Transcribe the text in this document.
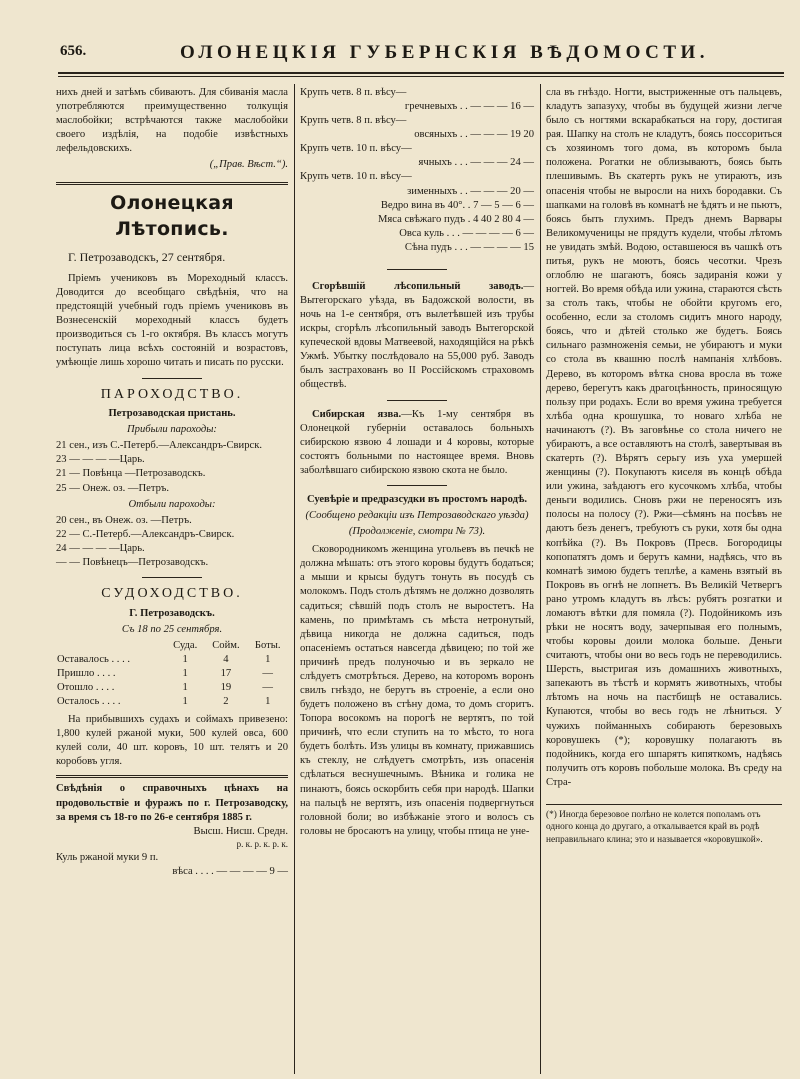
656.	ОЛОНЕЦКІЯ ГУБЕРНСКІЯ ВѢДОМОСТИ.

нихъ дней и затѣмъ сбиваютъ. Для сбиванія масла употребляются преимущественно толкущія маслобойки; встрѣчаются также маслобойки своего издѣлія, на подобіе извѣстныхъ лефельдовскихъ.

(„Прав. Вѣст.“).
Олонецкая Лѣтопись.
Г. Петрозаводскъ, 27 сентября.

Пріемъ учениковъ въ Мореходный классъ. Доводится до всеобщаго свѣдѣнія, что на предстоящій учебный годъ пріемъ учениковъ въ Вознесенскій мореходный классъ будетъ производиться съ 1-го октября. Въ классъ могутъ поступать лица всѣхъ состояній и возрастовъ, умѣющіе лишь хорошо читать и писать по русски.

ПАРОХОДСТВО.
Петрозаводская пристань.
Прибыли пароходы:
21 сен., изъ С.-Петерб.—Александръ-Свирск.
23 — — — —Царь.
21 — Повѣнца —Петрозаводскъ.
25 — Онеж. оз. —Петръ.
Отбыли пароходы:
20 сен., въ Онеж. оз. —Петръ.
22 — С.-Петерб.—Александръ-Свирск.
24 — — — —Царь.
— — Повѣнецъ—Петрозаводскъ.
СУДОХОДСТВО.
Г. Петрозаводскъ.
Съ 18 по 25 сентября.
	Суда.	Сойм.	Боты.
Оставалось . . . .	1	4	1
Пришло . . . .	1	17	—
Отошло . . . .	1	19	—
Осталось . . . .	1	2	1

На прибывшихъ судахъ и соймахъ привезено: 1,800 кулей ржаной муки, 500 кулей овса, 600 кулей соли, 40 шт. коровъ, 10 шт. телятъ и 20 коробовъ угля.

Свѣдѣнія о справочныхъ цѣнахъ на продовольствіе и фуражъ по г. Петрозаводску, за время съ 18-го по 26-е сентября 1885 г.

Высш. Нисш. Средн.
р. к. р. к. р. к.
Куль ржаной муки 9 п.
вѣса . . . . — — — — 9 —
Крупъ четв. 8 п. вѣсу—
гречневыхъ . . — — — 16 —
Крупъ четв. 8 п. вѣсу—
овсяныхъ . . — — — 19 20
Крупъ четв. 10 п. вѣсу—
ячныхъ . . . — — — 24 —
Крупъ четв. 10 п. вѣсу—
зименныхъ . . — — — 20 —
Ведро вина въ 40°. . 7 — 5 — 6 —
Мяса свѣжаго пудъ . 4 40 2 80 4 —
Овса куль . . . — — — — 6 —
Сѣна пудъ . . . — — — — 15

Сгорѣвшій лѣсопильный заводъ.—Вытегорскаго уѣзда, въ Бадожской волости, въ ночь на 1-е сентября, отъ вылетѣвшей изъ трубы искры, сгорѣлъ лѣсопильный заводъ Вытегорской купеческой вдовы Матвеевой, находящійся на рѣкѣ Ужмѣ. Убытку послѣдовало на 55,000 руб. Заводъ былъ застрахованъ во II Россійскомъ страховомъ обществѣ.

Сибирская язва.—Къ 1-му сентября въ Олонецкой губерніи оставалось больныхъ сибирскою язвою 4 лошади и 4 коровы, которые состоятъ больными по настоящее время. Вновь заболѣвшаго сибирскою язвою скота не было.

Суевѣріе и предразсудки въ простомъ народѣ.

(Сообщено редакціи изъ Петрозаводскаго уѣзда)
(Продолженіе, смотри № 73).

Сковородникомъ женщина угольевъ въ печкѣ не должна мѣшать: отъ этого коровы будутъ бодаться; а мыши и крысы будутъ тонуть въ посудѣ съ молокомъ. Подъ столъ дѣтямъ не должно дозволять садиться; сѣвшій подъ столъ не выростетъ. На камень, по примѣтамъ съ мѣста нетронутый, дѣвица никогда не должна садиться, подъ опасеніемъ остаться навсегда дѣвицею; по той же причинѣ предъ полуночью и въ зеркало не слѣдуетъ смотрѣться. Дерево, на которомъ воронъ свилъ гнѣздо, не берутъ въ строеніе, а если оно будетъ положено въ стѣну дома, то домъ сгоритъ. Топора восокомъ на порогѣ не вертятъ, по той причинѣ, что если ступить на то мѣсто, то нога будетъ болѣть. Изъ улицы въ комнату, прижавшись къ стеклу, не слѣдуетъ смотрѣть, изъ опасенія сдѣлаться веснушечнымъ. Вѣника и голика не пинаютъ, боясь оскорбить себя при народѣ. Шапки на пальцѣ не вертятъ, изъ опасенія подвергнуться головной боли; во избѣжаніе этого и волосъ съ головы не бросаютъ на улицу, чтобы птица не уне-

сла въ гнѣздо. Ногти, выстриженные отъ пальцевъ, кладутъ запазуху, чтобы въ будущей жизни легче было съ ногтями вскарабкаться на гору, достигая рая. Шапку на столъ не кладутъ, боясь поссориться съ хозяиномъ того дома, въ которомъ была положена. Рогатки не облизываютъ, боясь быть плешивымъ. Въ скатерть рукъ не утираютъ, изъ опасенія чтобы не выросли на нихъ бородавки. Съ шапками на головѣ въ комнатѣ не ѣдятъ и не пьютъ, боясь быть глухимъ. Предъ днемъ Варвары Великомученицы не прядутъ кудели, чтобы лѣтомъ не увидать змѣй. Водою, оставшеюся въ чашкѣ отъ питья, рукъ не моютъ, боясь чесотки. Чрезъ оглоблю не шагаютъ, боясь задиранія кожи у ногтей. Во время обѣда или ужина, стараются сѣсть за столъ такъ, чтобы не обойти кругомъ его, особенно, если за столомъ сидитъ много народу, боясь, что и дѣтей столько же будетъ. Боясь сильнаго размноженія семьи, не убираютъ и муки со стола въ квашню послѣ нампанія хлѣбовъ. Дерево, въ которомъ вѣтка снова вросла въ тоже дерево, берегутъ какъ драгоцѣнность, приносящую пользу при родахъ. Если во время ужина требуется хлѣба одна крошушка, то новаго хлѣба не начинаютъ (?). Въ заговѣнье со стола ничего не убираютъ, а все оставляютъ на столѣ, завертывая въ скатерть (?). Вѣрятъ серьгу изъ уха умершей женщины (?). Покупаютъ киселя въ концѣ обѣда или ужина, заѣдаютъ его кусочкомъ хлѣба, чтобы деньги водились. Сновъ ржи не переносятъ изъ полосы на полосу (?). Ржи—сѣмянъ на посѣвъ не даютъ безъ денегъ, требуютъ съ руки, хотя бы одна копѣйка (?). Въ Покровъ (Пресв. Богородицы копопатятъ домъ и берутъ камни, надѣясь, что въ комнатѣ зимою будетъ теплѣе, а камень взятый въ Покровъ въ огнѣ не лопнетъ. Въ Великій Четвергъ рано утромъ кладутъ въ лѣсъ: рубятъ розгатки и ломаютъ вѣтки для помяла (?). Подойникомъ изъ рѣки не носятъ воду, зачерпывая его полнымъ, чтобы коровы доили молока больше. Деньги считаютъ, чтобы они во весь годъ не переводились. Шерсть, выстригая изъ домашнихъ животныхъ, запекаютъ въ тѣстѣ и кормятъ животныхъ, чтобы лѣтомъ на ночь на пастбищѣ не оставались. Купаются, чтобы во весь годъ не лѣниться. У чужихъ пойманныхъ собирають березовыхъ коровушекъ (*); коровушку полагаютъ въ подойникъ, когда его шпарятъ кипяткомъ, надѣясь получить отъ коровъ побольше молока. Въ среду на Стра-

(*) Иногда березовое полѣно не колется пополамъ отъ одного конца до другаго, а откалывается край въ родѣ неправильнаго клина; это и называется «коровушкой».
